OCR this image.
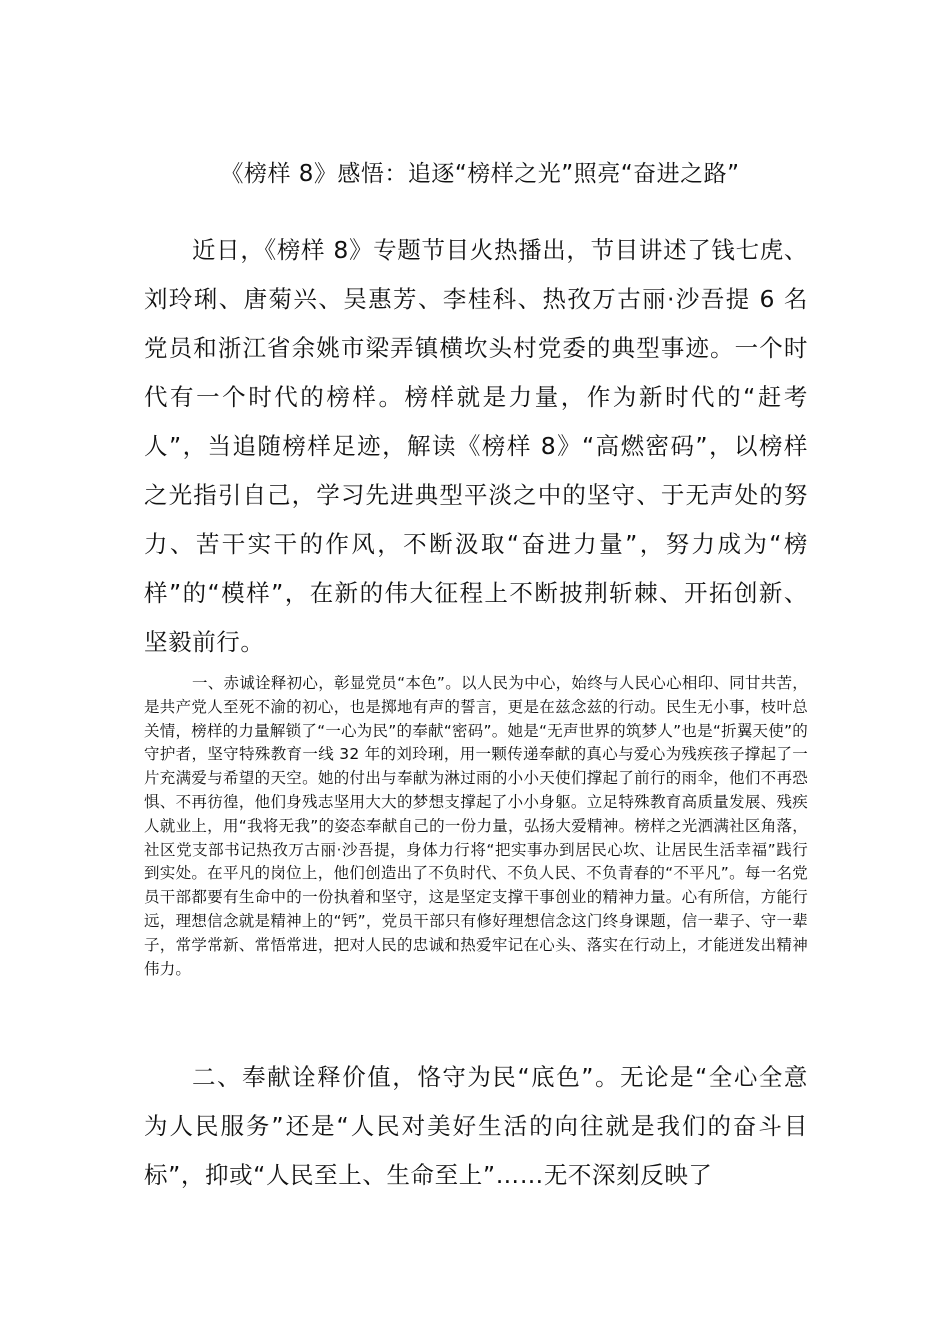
《榜样 8》感悟：追逐“榜样之光”照亮“奋进之路”

近日，《榜样 8》专题节目火热播出，节目讲述了钱七虎、刘玲琍、唐菊兴、吴惠芳、李桂科、热孜万古丽·沙吾提 6 名党员和浙江省余姚市梁弄镇横坎头村党委的典型事迹。一个时代有一个时代的榜样。榜样就是力量，作为新时代的“赶考人”，当追随榜样足迹，解读《榜样 8》“高燃密码”，以榜样之光指引自己，学习先进典型平淡之中的坚守、于无声处的努力、苦干实干的作风，不断汲取“奋进力量”，努力成为“榜样”的“模样”，在新的伟大征程上不断披荆斩棘、开拓创新、坚毅前行。

一、赤诚诠释初心，彰显党员“本色”。以人民为中心，始终与人民心心相印、同甘共苦，是共产党人至死不渝的初心，也是掷地有声的誓言，更是在兹念兹的行动。民生无小事，枝叶总关情，榜样的力量解锁了“一心为民”的奉献“密码”。她是“无声世界的筑梦人”也是“折翼天使”的守护者，坚守特殊教育一线 32 年的刘玲琍，用一颗传递奉献的真心与爱心为残疾孩子撑起了一片充满爱与希望的天空。她的付出与奉献为淋过雨的小小天使们撑起了前行的雨伞，他们不再恐惧、不再彷徨，他们身残志坚用大大的梦想支撑起了小小身躯。立足特殊教育高质量发展、残疾人就业上，用“我将无我”的姿态奉献自己的一份力量，弘扬大爱精神。榜样之光洒满社区角落，社区党支部书记热孜万古丽·沙吾提，身体力行将“把实事办到居民心坎、让居民生活幸福”践行到实处。在平凡的岗位上，他们创造出了不负时代、不负人民、不负青春的“不平凡”。每一名党员干部都要有生命中的一份执着和坚守，这是坚定支撑干事创业的精神力量。心有所信，方能行远，理想信念就是精神上的“钙”，党员干部只有修好理想信念这门终身课题，信一辈子、守一辈子，常学常新、常悟常进，把对人民的忠诚和热爱牢记在心头、落实在行动上，才能迸发出精神伟力。

二、奉献诠释价值，恪守为民“底色”。无论是“全心全意为人民服务”还是“人民对美好生活的向往就是我们的奋斗目标”，抑或“人民至上、生命至上”……无不深刻反映了
